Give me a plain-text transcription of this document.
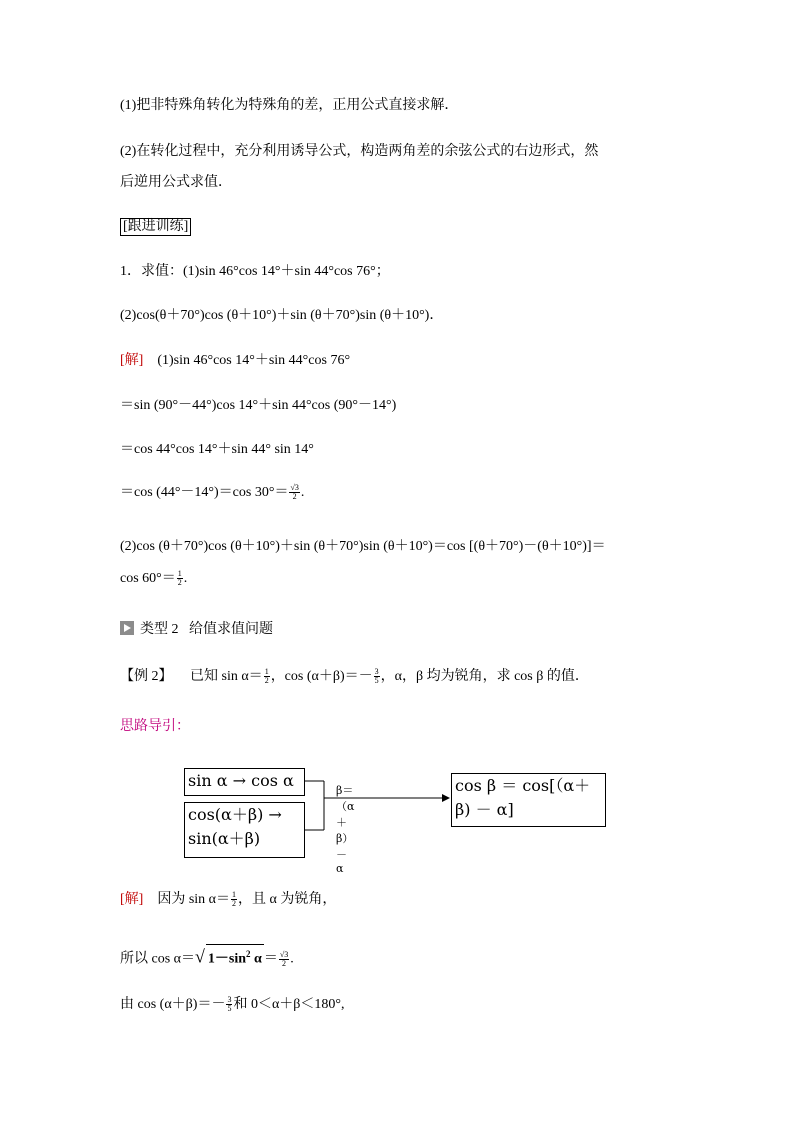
(1)把非特殊角转化为特殊角的差，正用公式直接求解．
(2)在转化过程中，充分利用诱导公式，构造两角差的余弦公式的右边形式，然
后逆用公式求值．
[跟进训练]
1．求值：(1)sin 46°cos 14°＋sin 44°cos 76°；
(2)cos(θ＋70°)cos (θ＋10°)＋sin (θ＋70°)sin (θ＋10°)．
[解] (1)sin 46°cos 14°＋sin 44°cos 76°
＝sin (90°－44°)cos 14°＋sin 44°cos (90°－14°)
＝cos 44°cos 14°＋sin 44° sin 14°
＝cos (44°－14°)＝cos $30^\circ= \frac{√3}{2}$ .
(2)cos (θ＋70°)cos (θ＋10°)＋sin (θ＋70°)sin (θ＋10°)＝cos [(θ＋70°)－(θ＋10°)]＝
$\cos 60^\circ= \frac{1}{2}$ .
类型 2 给值求值问题
【例 2】 已知 $\sin \alpha= \frac{1}{2}$ ，$\cos (\alpha+\beta)=- \frac{3}{5}$ ，α，β 均为锐角，求 cos β 的值．
思路导引：
sin α → cos α
cos(α＋β) →
sin(α＋β)
β＝（α＋β）－ α
cos β ＝ cos[（α＋
β) － α]
[解] 因为 $\sin \alpha= \frac{1}{2}$ ，且 α 为锐角，
所以 cos α＝√ $1-\sin^2$ $\alpha = \frac{√3}{2}$ .
由 $\cos (\alpha+\beta)=- \frac{3}{5}$ 和 0＜α＋β＜180°,
